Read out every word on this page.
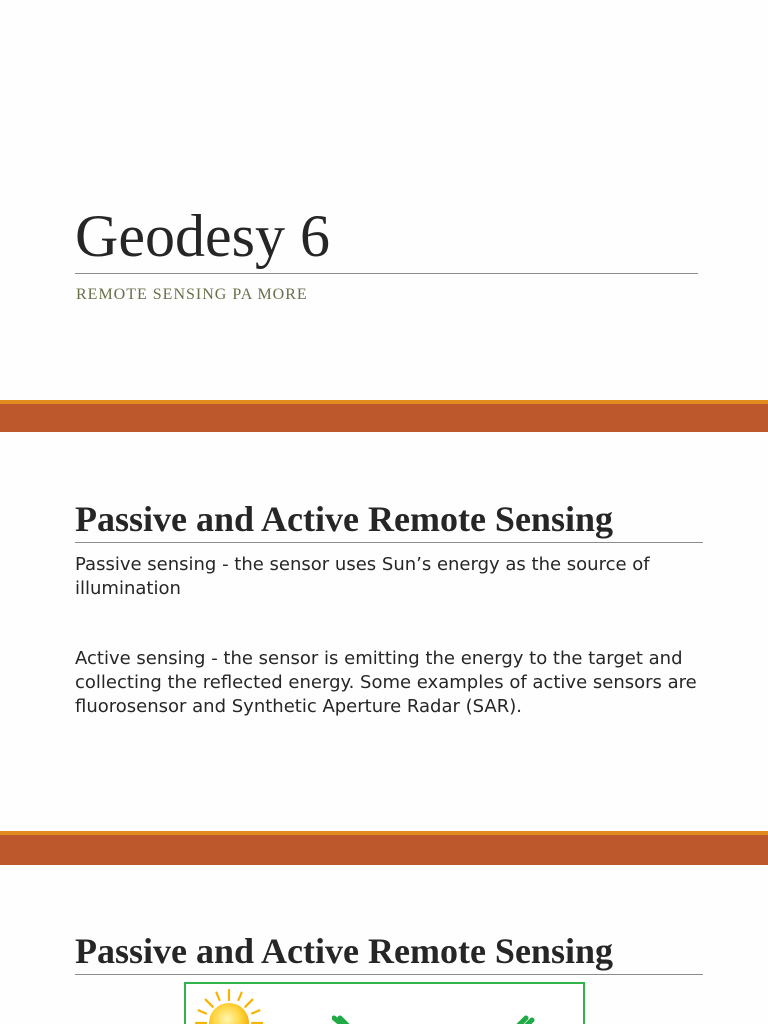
Geodesy 6

REMOTE SENSING PA MORE

Passive and Active Remote Sensing

Passive sensing - the sensor uses Sun’s energy as the source of illumination

Active sensing - the sensor is emitting the energy to the target and collecting the reflected energy. Some examples of active sensors are fluorosensor and Synthetic Aperture Radar (SAR).

Passive and Active Remote Sensing
